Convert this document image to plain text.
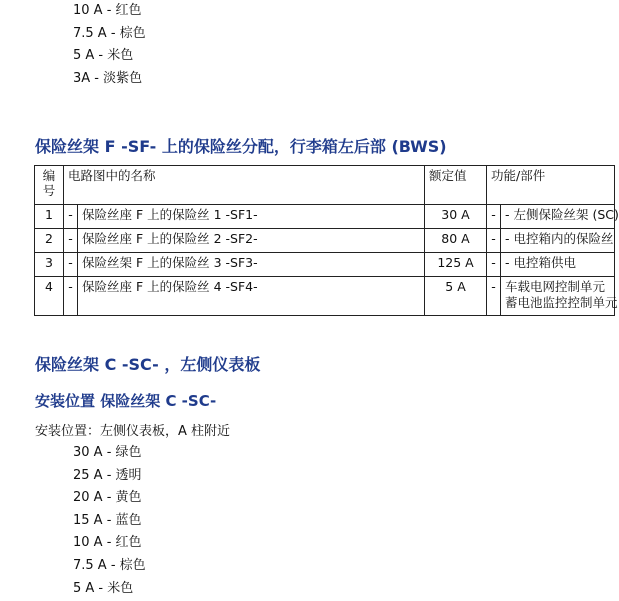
10 A - 红色
7.5 A - 棕色
5 A - 米色
3A - 淡紫色
保险丝架 F -SF- 上的保险丝分配，行李箱左后部 (BWS)
编号	电路图中的名称		额定值	功能/部件	
1	-	保险丝座 F 上的保险丝 1 -SF1-	30 A	-	- 左侧保险丝架 (SC)
2	-	保险丝座 F 上的保险丝 2 -SF2-	80 A	-	- 电控箱内的保险丝
3	-	保险丝架 F 上的保险丝 3 -SF3-	125 A	-	- 电控箱供电
4	-	保险丝座 F 上的保险丝 4 -SF4-	5 A	-	车载电网控制单元
蓄电池监控控制单元
保险丝架 C -SC- ，左侧仪表板
安装位置 保险丝架 C -SC-
安装位置：左侧仪表板，A 柱附近
30 A - 绿色
25 A - 透明
20 A - 黄色
15 A - 蓝色
10 A - 红色
7.5 A - 棕色
5 A - 米色
